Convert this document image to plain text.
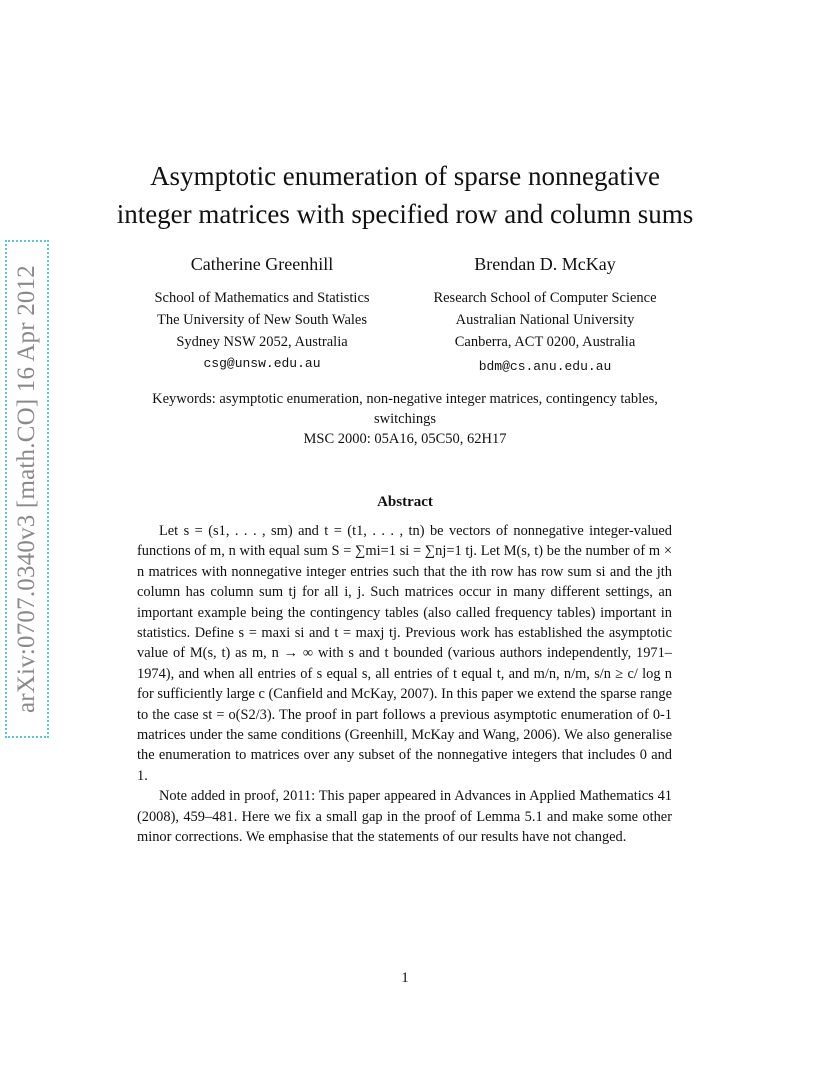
arXiv:0707.0340v3 [math.CO] 16 Apr 2012
Asymptotic enumeration of sparse nonnegative
integer matrices with specified row and column sums
Catherine Greenhill
School of Mathematics and Statistics
The University of New South Wales
Sydney NSW 2052, Australia
csg@unsw.edu.au
Brendan D. McKay
Research School of Computer Science
Australian National University
Canberra, ACT 0200, Australia
bdm@cs.anu.edu.au
Keywords: asymptotic enumeration, non-negative integer matrices, contingency tables,
switchings
MSC 2000: 05A16, 05C50, 62H17
Abstract

Let s = (s1, . . . , sm) and t = (t1, . . . , tn) be vectors of nonnegative integer-valued functions of m, n with equal sum S = ∑mi=1 si = ∑nj=1 tj. Let M(s, t) be the number of m × n matrices with nonnegative integer entries such that the ith row has row sum si and the jth column has column sum tj for all i, j. Such matrices occur in many different settings, an important example being the contingency tables (also called frequency tables) important in statistics. Define s = maxi si and t = maxj tj. Previous work has established the asymptotic value of M(s, t) as m, n → ∞ with s and t bounded (various authors independently, 1971–1974), and when all entries of s equal s, all entries of t equal t, and m/n, n/m, s/n ≥ c/ log n for sufficiently large c (Canfield and McKay, 2007). In this paper we extend the sparse range to the case st = o(S2/3). The proof in part follows a previous asymptotic enumeration of 0-1 matrices under the same conditions (Greenhill, McKay and Wang, 2006). We also generalise the enumeration to matrices over any subset of the nonnegative integers that includes 0 and 1.

Note added in proof, 2011: This paper appeared in Advances in Applied Mathematics 41 (2008), 459–481. Here we fix a small gap in the proof of Lemma 5.1 and make some other minor corrections. We emphasise that the statements of our results have not changed.

1
